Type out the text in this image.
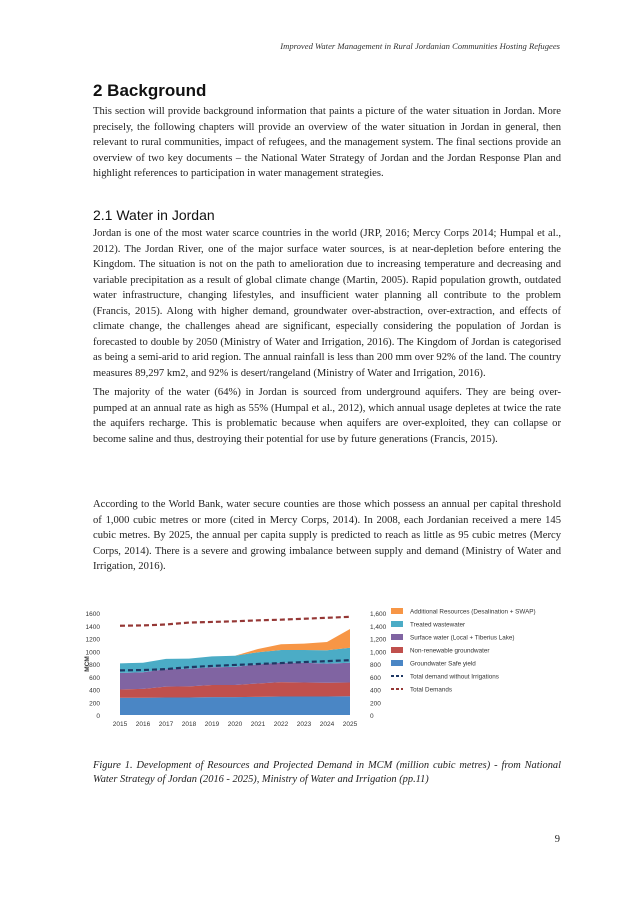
Improved Water Management in Rural Jordanian Communities Hosting Refugees
2 Background

This section will provide background information that paints a picture of the water situation in Jordan. More precisely, the following chapters will provide an overview of the water situation in Jordan in general, then relevant to rural communities, impact of refugees, and the management system. The final sections provide an overview of two key documents – the National Water Strategy of Jordan and the Jordan Response Plan and highlight references to participation in water management strategies.

2.1 Water in Jordan

Jordan is one of the most water scarce countries in the world (JRP, 2016; Mercy Corps 2014; Humpal et al., 2012). The Jordan River, one of the major surface water sources, is at near-depletion before entering the Kingdom. The situation is not on the path to amelioration due to increasing temperature and decreasing and variable precipitation as a result of global climate change (Martin, 2005). Rapid population growth, outdated water infrastructure, changing lifestyles, and insufficient water planning all contribute to the problem (Francis, 2015). Along with higher demand, groundwater over-abstraction, over-extraction, and effects of climate change, the challenges ahead are significant, especially considering the population of Jordan is forecasted to double by 2050 (Ministry of Water and Irrigation, 2016). The Kingdom of Jordan is categorised as being a semi-arid to arid region. The annual rainfall is less than 200 mm over 92% of the land. The country measures 89,297 km2, and 92% is desert/rangeland (Ministry of Water and Irrigation, 2016).

The majority of the water (64%) in Jordan is sourced from underground aquifers. They are being over-pumped at an annual rate as high as 55% (Humpal et al., 2012), which annual usage depletes at twice the rate the aquifers recharge. This is problematic because when aquifers are over-exploited, they can collapse or become saline and thus, destroying their potential for use by future generations (Francis, 2015).

According to the World Bank, water secure counties are those which possess an annual per capital threshold of 1,000 cubic metres or more (cited in Mercy Corps, 2014). In 2008, each Jordanian received a mere 145 cubic metres. By 2025, the annual per capita supply is predicted to reach as little as 95 cubic metres (Mercy Corps, 2014). There is a severe and growing imbalance between supply and demand (Ministry of Water and Irrigation, 2016).

0
200
400
600
800
1000
1200
1400
1600
0
200
400
600
800
1,000
1,200
1,400
1,600
MCM
2015 2016 2017 2018 2019 2020 2021 2022 2023 2024 2025
Additional Resources (Desalination + SWAP)
Treated wastewater
Surface water (Local + Tiberius Lake)
Non-renewable groundwater
Groundwater Safe yield
Total demand without Irrigations
Total Demands

Figure 1. Development of Resources and Projected Demand in MCM (million cubic metres) - from National Water Strategy of Jordan (2016 - 2025), Ministry of Water and Irrigation (pp.11)

9
